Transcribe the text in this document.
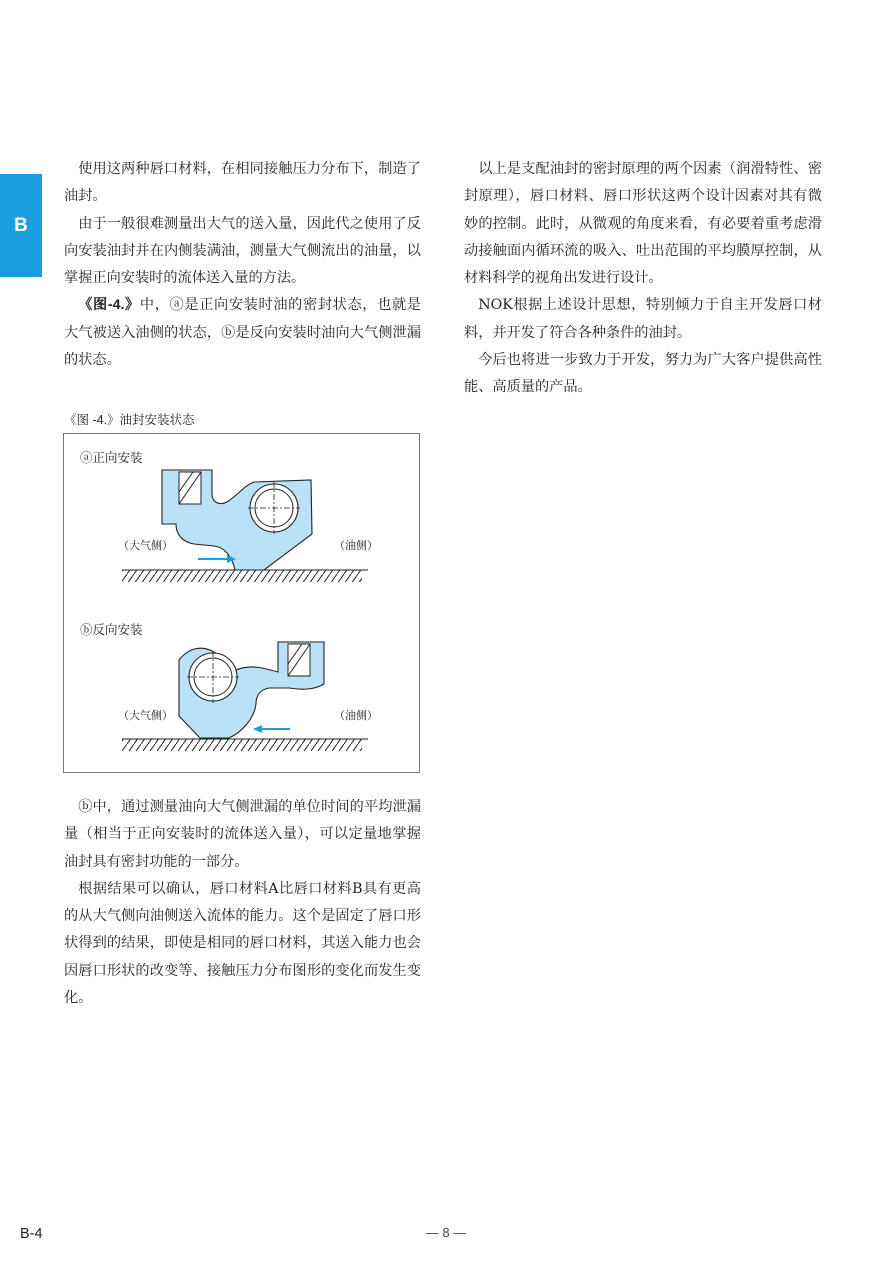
B

使用这两种唇口材料，在相同接触压力分布下，制造了油封。

由于一般很难测量出大气的送入量，因此代之使用了反向安装油封并在内侧装满油，测量大气侧流出的油量，以掌握正向安装时的流体送入量的方法。

《图-4.》中，ⓐ是正向安装时油的密封状态，也就是大气被送入油侧的状态，ⓑ是反向安装时油向大气侧泄漏的状态。

《图 -4.》油封安装状态
ⓐ正向安装
（大气侧）	（油侧）
ⓑ反向安装
（大气侧）	（油侧）

ⓑ中，通过测量油向大气侧泄漏的单位时间的平均泄漏量（相当于正向安装时的流体送入量），可以定量地掌握油封具有密封功能的一部分。

根据结果可以确认，唇口材料A比唇口材料B具有更高的从大气侧向油侧送入流体的能力。这个是固定了唇口形状得到的结果，即使是相同的唇口材料，其送入能力也会因唇口形状的改变等、接触压力分布图形的变化而发生变化。

以上是支配油封的密封原理的两个因素（润滑特性、密封原理），唇口材料、唇口形状这两个设计因素对其有微妙的控制。此时，从微观的角度来看，有必要着重考虑滑动接触面内循环流的吸入、吐出范围的平均膜厚控制，从材料科学的视角出发进行设计。

NOK根据上述设计思想，特别倾力于自主开发唇口材料，并开发了符合各种条件的油封。

今后也将进一步致力于开发，努力为广大客户提供高性能、高质量的产品。

B-4	— 8 —
